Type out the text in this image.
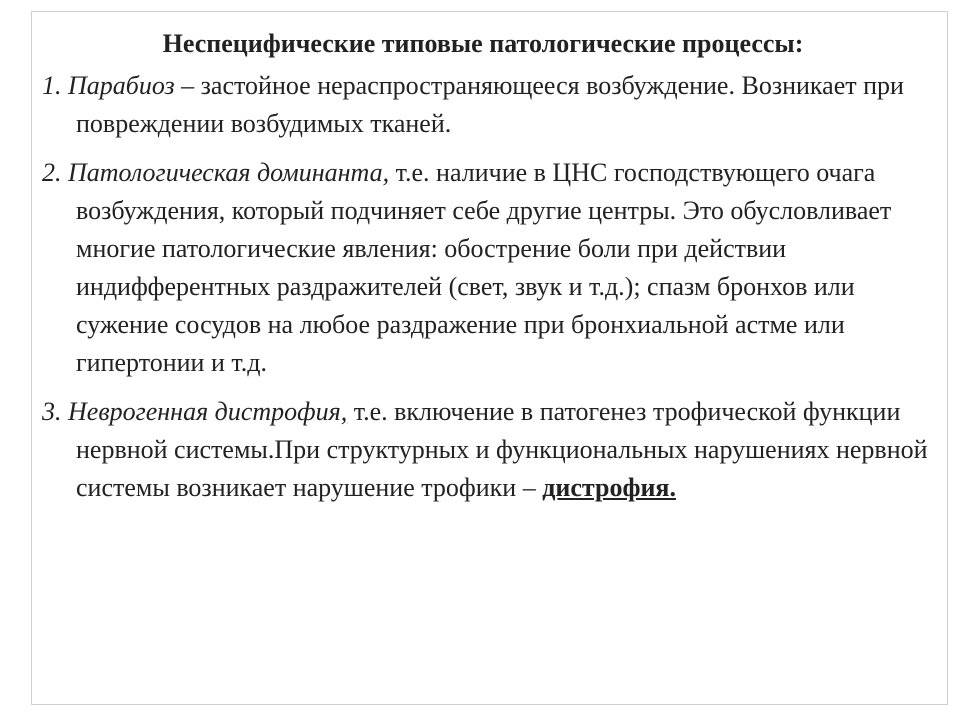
Неспецифические типовые патологические процессы:

1. Парабиоз – застойное нераспространяющееся возбуждение. Возникает при повреждении возбудимых тканей.

2. Патологическая доминанта, т.е. наличие в ЦНС господствующего очага возбуждения, который подчиняет себе другие центры. Это обусловливает многие патологические явления: обострение боли при действии индифферентных раздражителей (свет, звук и т.д.); спазм бронхов или сужение сосудов на любое раздражение при бронхиальной астме или гипертонии и т.д.

3. Неврогенная дистрофия, т.е. включение в патогенез трофической функции нервной системы.При структурных и функциональных нарушениях нервной системы возникает нарушение трофики – дистрофия.
